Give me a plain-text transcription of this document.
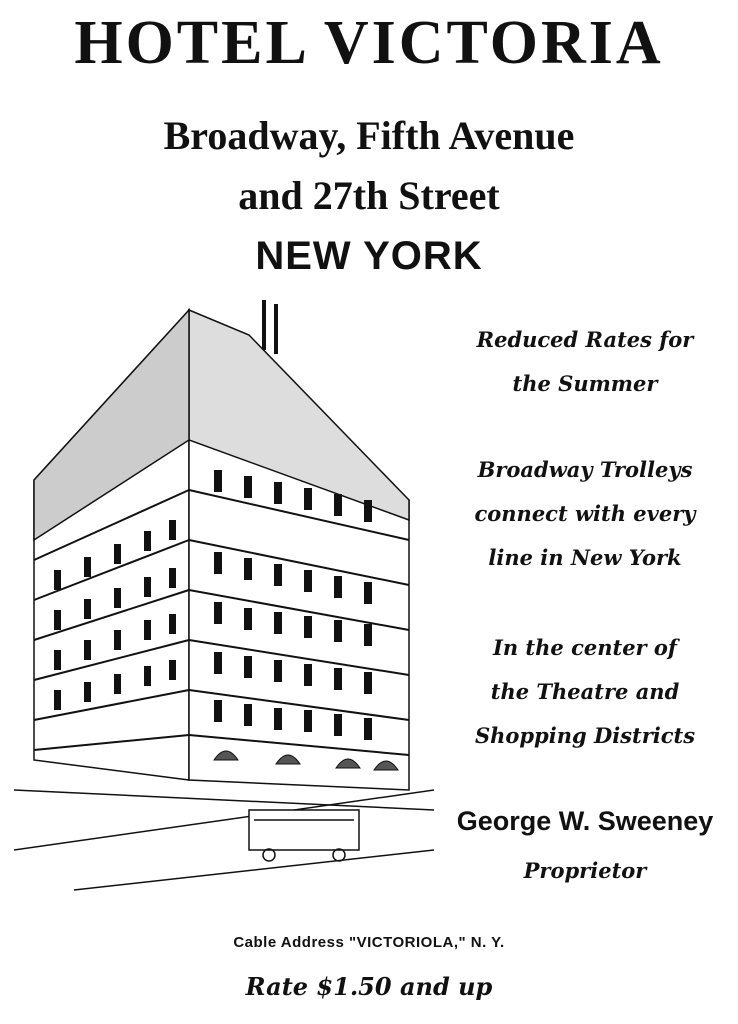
HOTEL VICTORIA
Broadway, Fifth Avenue
and 27th Street
NEW YORK
Reduced Rates for
the Summer
Broadway Trolleys
connect with every
line in New York
In the center of
the Theatre and
Shopping Districts
George W. Sweeney
Proprietor
Cable Address "VICTORIOLA," N. Y.
Rate $1.50 and up
